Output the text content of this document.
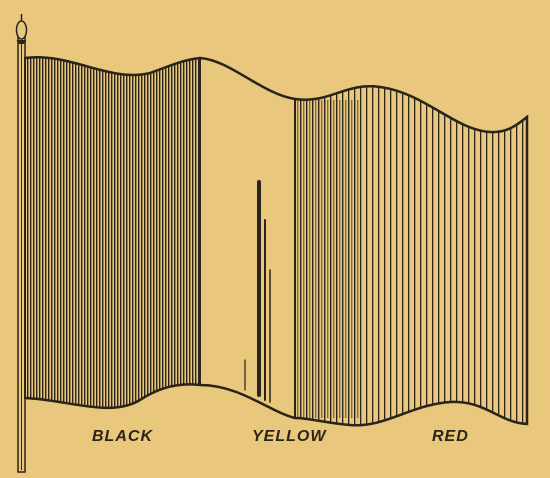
BLACK	YELLOW	RED
